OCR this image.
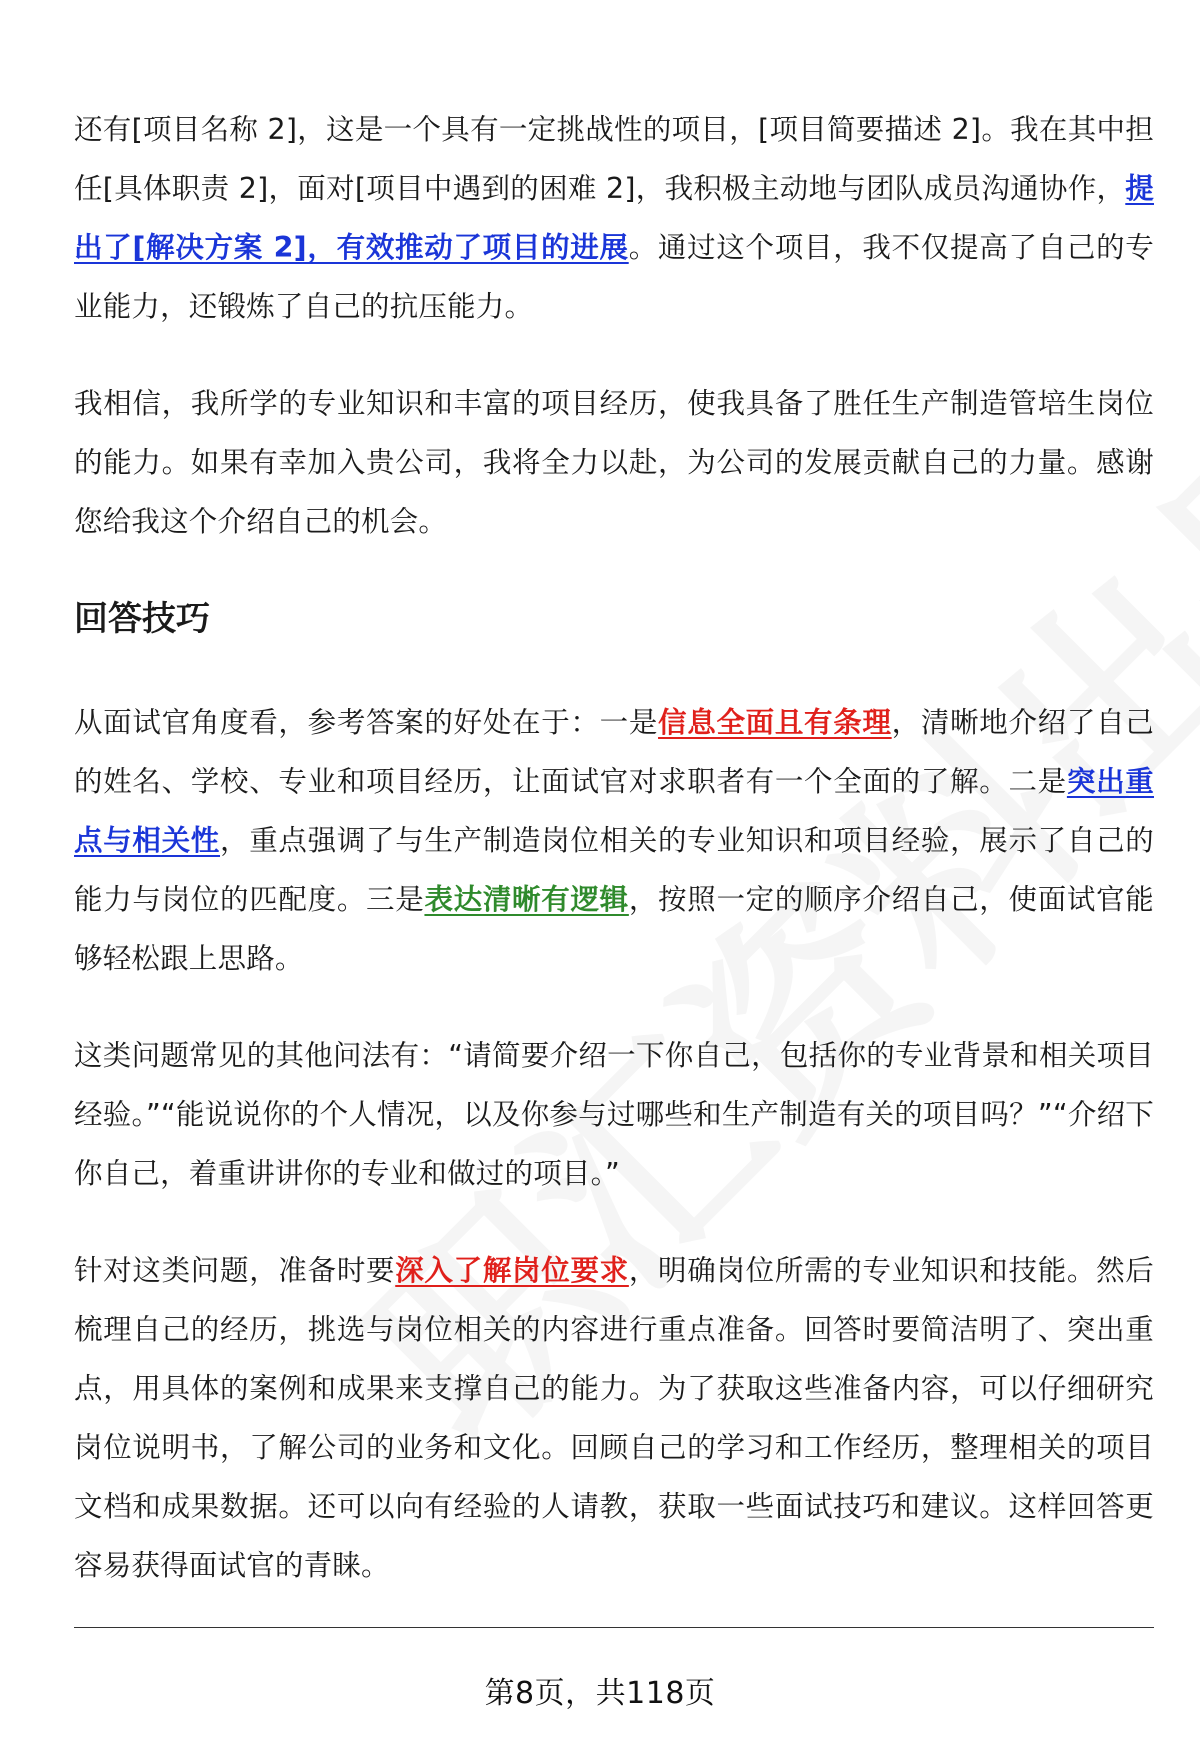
还有[项目名称 2]，这是一个具有一定挑战性的项目，[项目简要描述 2]。我在其中担任[具体职责 2]，面对[项目中遇到的困难 2]，我积极主动地与团队成员沟通协作，提出了[解决方案 2]，有效推动了项目的进展。通过这个项目，我不仅提高了自己的专业能力，还锻炼了自己的抗压能力。

我相信，我所学的专业知识和丰富的项目经历，使我具备了胜任生产制造管培生岗位的能力。如果有幸加入贵公司，我将全力以赴，为公司的发展贡献自己的力量。感谢您给我这个介绍自己的机会。

回答技巧

从面试官角度看，参考答案的好处在于：一是信息全面且有条理，清晰地介绍了自己的姓名、学校、专业和项目经历，让面试官对求职者有一个全面的了解。二是突出重点与相关性，重点强调了与生产制造岗位相关的专业知识和项目经验，展示了自己的能力与岗位的匹配度。三是表达清晰有逻辑，按照一定的顺序介绍自己，使面试官能够轻松跟上思路。

这类问题常见的其他问法有：“请简要介绍一下你自己，包括你的专业背景和相关项目经验。”“能说说你的个人情况，以及你参与过哪些和生产制造有关的项目吗？”“介绍下你自己，着重讲讲你的专业和做过的项目。”

针对这类问题，准备时要深入了解岗位要求，明确岗位所需的专业知识和技能。然后梳理自己的经历，挑选与岗位相关的内容进行重点准备。回答时要简洁明了、突出重点，用具体的案例和成果来支撑自己的能力。为了获取这些准备内容，可以仔细研究岗位说明书，了解公司的业务和文化。回顾自己的学习和工作经历，整理相关的项目文档和成果数据。还可以向有经验的人请教，获取一些面试技巧和建议。这样回答更容易获得面试官的青睐。

第8页，共118页
